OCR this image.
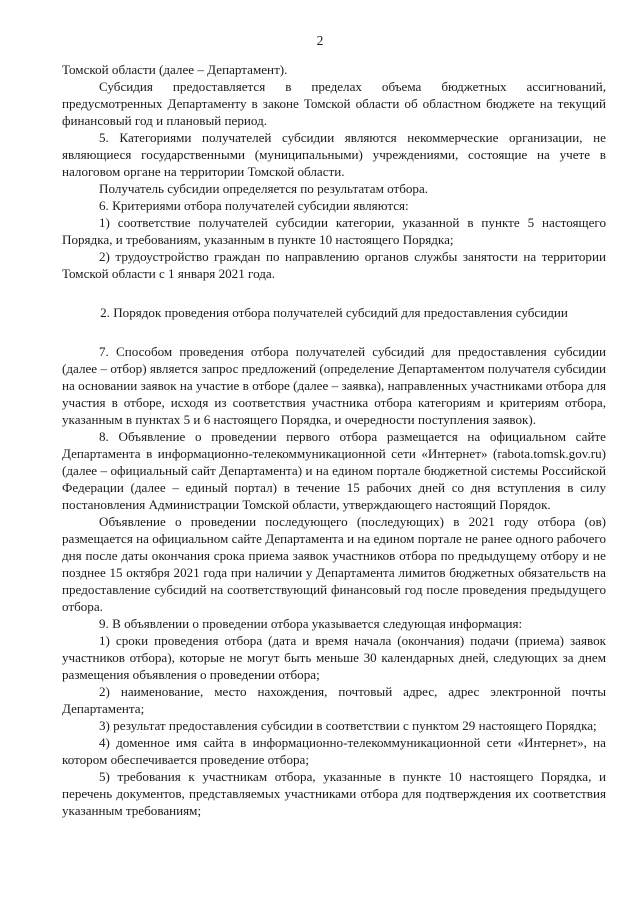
2

Томской области (далее – Департамент).

Субсидия предоставляется в пределах объема бюджетных ассигнований, предусмотренных Департаменту в законе Томской области об областном бюджете на текущий финансовый год и плановый период.

5. Категориями получателей субсидии являются некоммерческие организации, не являющиеся государственными (муниципальными) учреждениями, состоящие на учете в налоговом органе на территории Томской области.

Получатель субсидии определяется по результатам отбора.

6. Критериями отбора получателей субсидии являются:

1) соответствие получателей субсидии категории, указанной в пункте 5 настоящего Порядка, и требованиям, указанным в пункте 10 настоящего Порядка;

2) трудоустройство граждан по направлению органов службы занятости на территории Томской области с 1 января 2021 года.

2. Порядок проведения отбора получателей субсидий для предоставления субсидии

7. Способом проведения отбора получателей субсидий для предоставления субсидии (далее – отбор) является запрос предложений (определение Департаментом получателя субсидии на основании заявок на участие в отборе (далее – заявка), направленных участниками отбора для участия в отборе, исходя из соответствия участника отбора категориям и критериям отбора, указанным в пунктах 5 и 6 настоящего Порядка, и очередности поступления заявок).

8. Объявление о проведении первого отбора размещается на официальном сайте Департамента в информационно-телекоммуникационной сети «Интернет» (rabota.tomsk.gov.ru) (далее – официальный сайт Департамента) и на едином портале бюджетной системы Российской Федерации (далее – единый портал) в течение 15 рабочих дней со дня вступления в силу постановления Администрации Томской области, утверждающего настоящий Порядок.

Объявление о проведении последующего (последующих) в 2021 году отбора (ов) размещается на официальном сайте Департамента и на едином портале не ранее одного рабочего дня после даты окончания срока приема заявок участников отбора по предыдущему отбору и не позднее 15 октября 2021 года при наличии у Департамента лимитов бюджетных обязательств на предоставление субсидий на соответствующий финансовый год после проведения предыдущего отбора.

9. В объявлении о проведении отбора указывается следующая информация:

1) сроки проведения отбора (дата и время начала (окончания) подачи (приема) заявок участников отбора), которые не могут быть меньше 30 календарных дней, следующих за днем размещения объявления о проведении отбора;

2) наименование, место нахождения, почтовый адрес, адрес электронной почты Департамента;

3) результат предоставления субсидии в соответствии с пунктом 29 настоящего Порядка;

4) доменное имя сайта в информационно-телекоммуникационной сети «Интернет», на котором обеспечивается проведение отбора;

5) требования к участникам отбора, указанные в пункте 10 настоящего Порядка, и перечень документов, представляемых участниками отбора для подтверждения их соответствия указанным требованиям;
